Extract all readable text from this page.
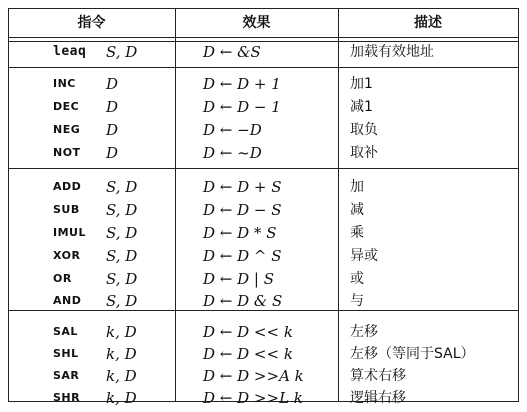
指令	效果	描述
leaq S, D	D ← &S	加载有效地址
INC D	D ← D + 1	加1
DEC D	D ← D − 1	减1
NEG D	D ← −D	取负
NOT D	D ← ~D	取补
ADD S, D	D ← D + S	加
SUB S, D	D ← D − S	减
IMUL S, D	D ← D * S	乘
XOR S, D	D ← D ^ S	异或
OR S, D	D ← D | S	或
AND S, D	D ← D & S	与
SAL k, D	D ← D << k	左移
SHL k, D	D ← D << k	左移（等同于SAL）
SAR k, D	D ← D >>A k	算术右移
SHR k, D	D ← D >>L k	逻辑右移
